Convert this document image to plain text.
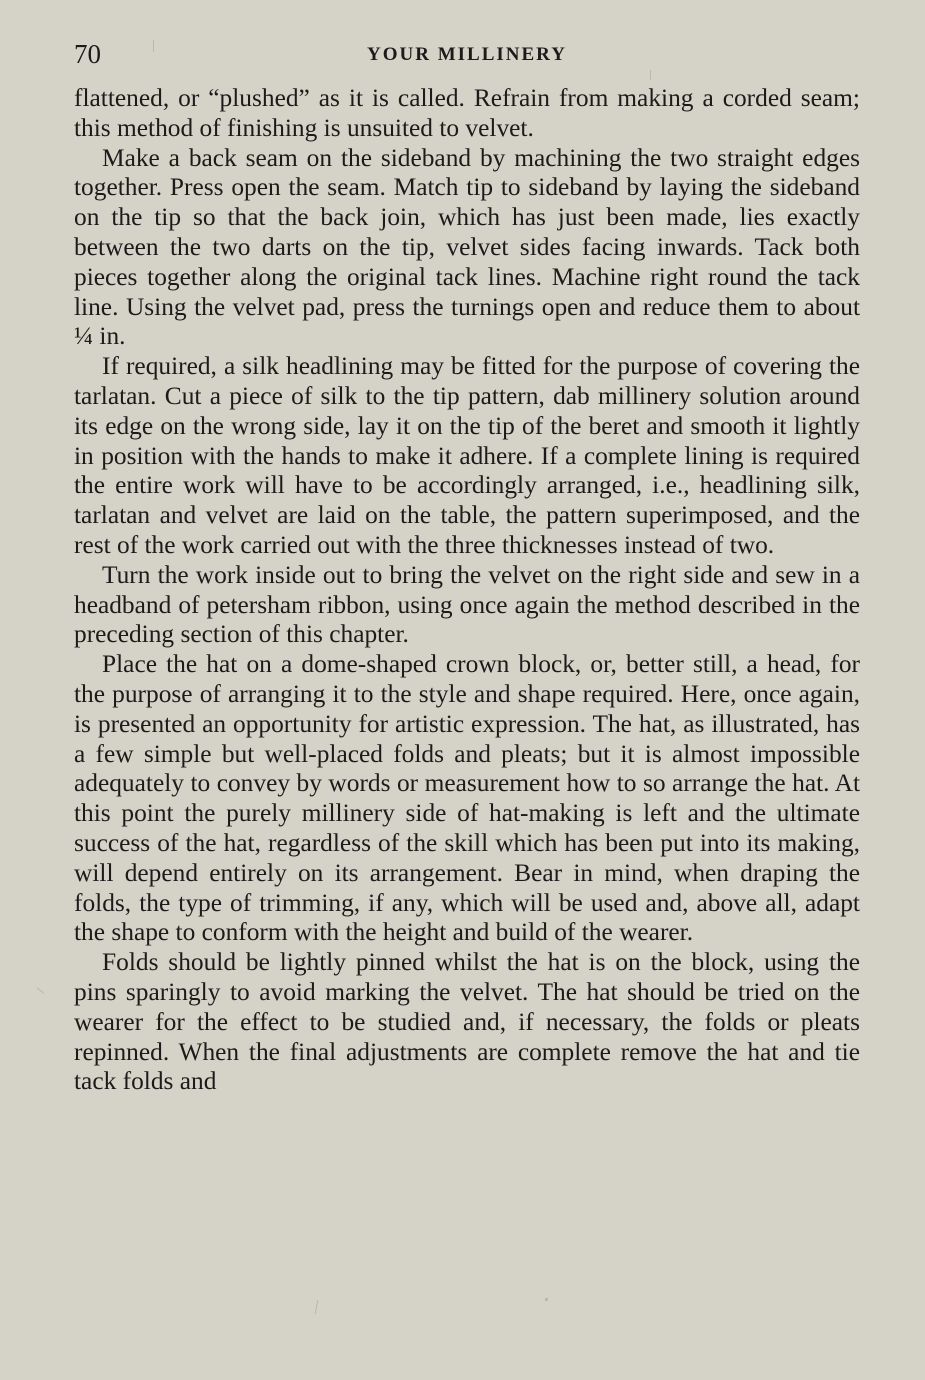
70	YOUR MILLINERY

flattened, or “plushed” as it is called. Refrain from making a corded seam; this method of finishing is unsuited to velvet.

Make a back seam on the sideband by machining the two straight edges together. Press open the seam. Match tip to sideband by laying the sideband on the tip so that the back join, which has just been made, lies exactly between the two darts on the tip, velvet sides facing inwards. Tack both pieces together along the original tack lines. Machine right round the tack line. Using the velvet pad, press the turnings open and reduce them to about ¼ in.

If required, a silk headlining may be fitted for the purpose of covering the tarlatan. Cut a piece of silk to the tip pattern, dab millinery solution around its edge on the wrong side, lay it on the tip of the beret and smooth it lightly in position with the hands to make it adhere. If a complete lining is required the entire work will have to be accordingly arranged, i.e., headlining silk, tarlatan and velvet are laid on the table, the pattern superimposed, and the rest of the work carried out with the three thicknesses instead of two.

Turn the work inside out to bring the velvet on the right side and sew in a headband of petersham ribbon, using once again the method described in the preceding section of this chapter.

Place the hat on a dome-shaped crown block, or, better still, a head, for the purpose of arranging it to the style and shape required. Here, once again, is presented an opportunity for artistic expression. The hat, as illustrated, has a few simple but well-placed folds and pleats; but it is almost impossible adequately to convey by words or measurement how to so arrange the hat. At this point the purely millinery side of hat-making is left and the ultimate success of the hat, regardless of the skill which has been put into its making, will depend entirely on its arrangement. Bear in mind, when draping the folds, the type of trimming, if any, which will be used and, above all, adapt the shape to conform with the height and build of the wearer.

Folds should be lightly pinned whilst the hat is on the block, using the pins sparingly to avoid marking the velvet. The hat should be tried on the wearer for the effect to be studied and, if necessary, the folds or pleats repinned. When the final adjustments are complete remove the hat and tie tack folds and
